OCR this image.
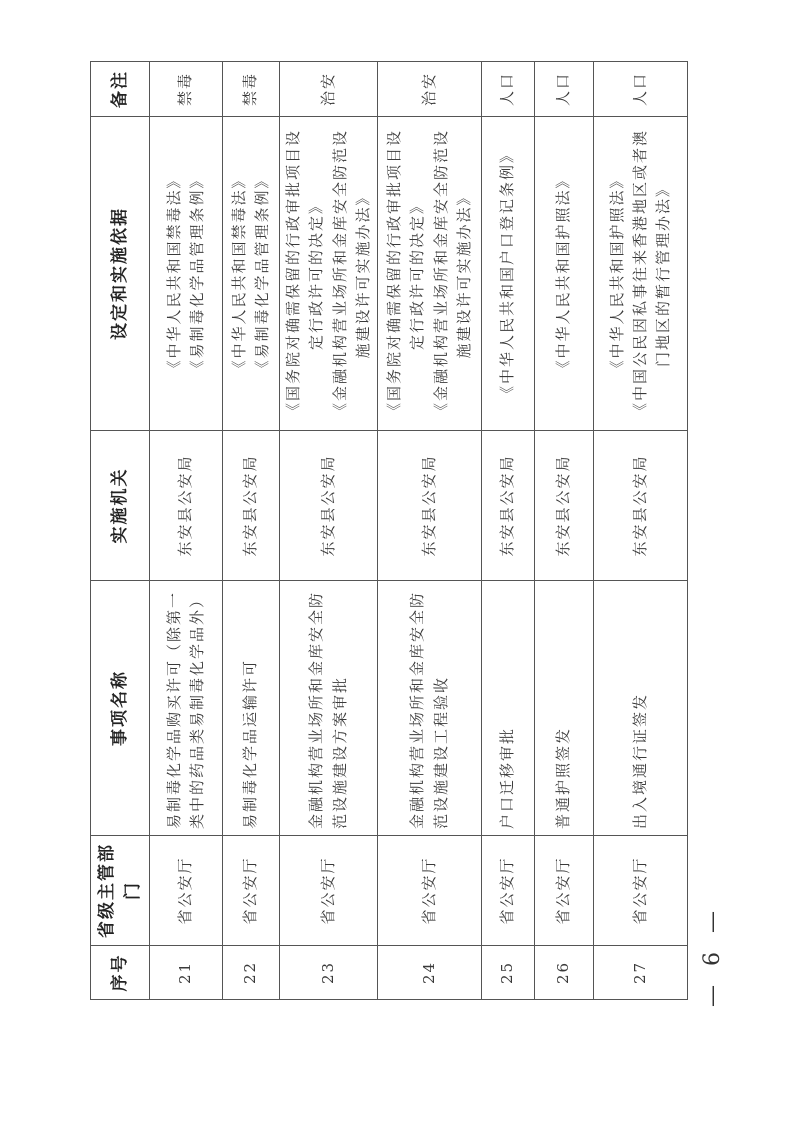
序号	省级主管部门	事项名称	实施机关	设定和实施依据	备注
21	省公安厅	易制毒化学品购买许可（除第一类中的药品类易制毒化学品外）	东安县公安局	《中华人民共和国禁毒法》 《易制毒化学品管理条例》	禁毒
22	省公安厅	易制毒化学品运输许可	东安县公安局	《中华人民共和国禁毒法》 《易制毒化学品管理条例》	禁毒
23	省公安厅	金融机构营业场所和金库安全防范设施建设方案审批	东安县公安局	《国务院对确需保留的行政审批项目设定行政许可的决定》 《金融机构营业场所和金库安全防范设施建设许可实施办法》	治安
24	省公安厅	金融机构营业场所和金库安全防范设施建设工程验收	东安县公安局	《国务院对确需保留的行政审批项目设定行政许可的决定》 《金融机构营业场所和金库安全防范设施建设许可实施办法》	治安
25	省公安厅	户口迁移审批	东安县公安局	《中华人民共和国户口登记条例》	人口
26	省公安厅	普通护照签发	东安县公安局	《中华人民共和国护照法》	人口
27	省公安厅	出入境通行证签发	东安县公安局	《中华人民共和国护照法》 《中国公民因私事往来香港地区或者澳门地区的暂行管理办法》	人口
— 6 —
